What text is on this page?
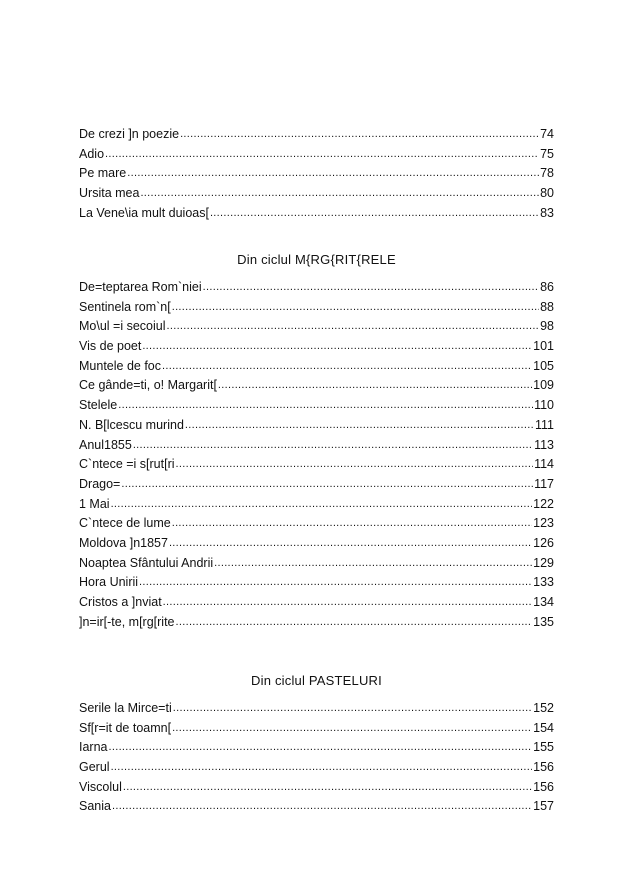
De crezi ]n poezie .....	74
Adio .....	75
Pe mare .....	78
Ursita mea .....	80
La Vene\ia mult duioas[ .....	83
Din ciclul M{RG{RIT{RELE
De=teptarea Rom`niei .....	86
Sentinela rom`n[ .....	88
Mo\ul =i secoiul .....	98
Vis de poet .....	101
Muntele de foc .....	105
Ce gânde=ti, o! Margarit[ .....	109
Stelele .....	110
N. B[lcescu murind .....	111
Anul1855 .....	113
C`ntece =i s[rut[ri .....	114
Drago= .....	117
1 Mai .....	122
C`ntece de lume .....	123
Moldova ]n1857 .....	126
Noaptea Sfântului Andrii .....	129
Hora Unirii .....	133
Cristos a ]nviat .....	134
]n=ir[-te, m[rg[rite .....	135
Din ciclul PASTELURI
Serile la Mirce=ti .....	152
Sf[r=it de toamn[ .....	154
Iarna .....	155
Gerul .....	156
Viscolul .....	156
Sania .....	157
